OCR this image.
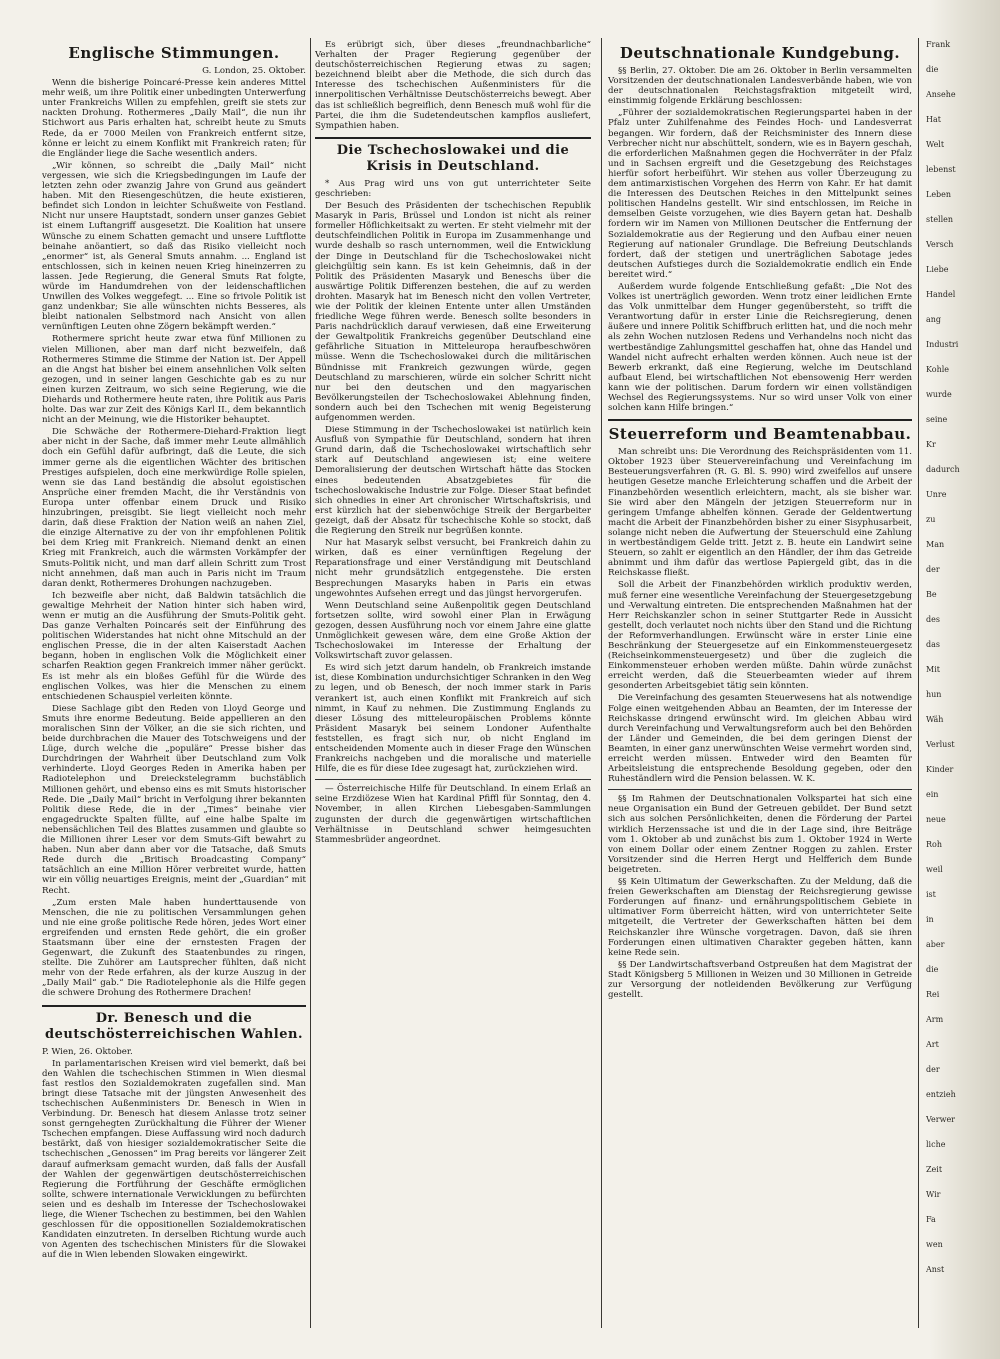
Englische Stimmungen.
G. London, 25. Oktober.

Wenn die bisherige Poincaré-Presse kein anderes Mittel mehr weiß, um ihre Politik einer unbedingten Unterwerfung unter Frankreichs Willen zu empfehlen, greift sie stets zur nackten Drohung. Rothermeres „Daily Mail“, die nun ihr Stichwort aus Paris erhalten hat, schreibt heute zu Smuts Rede, da er 7000 Meilen von Frankreich entfernt sitze, könne er leicht zu einem Konflikt mit Frankreich raten; für die Engländer liege die Sache wesentlich anders.

„Wir können, so schreibt die „Daily Mail“ nicht vergessen, wie sich die Kriegsbedingungen im Laufe der letzten zehn oder zwanzig Jahre von Grund aus geändert haben. Mit den Riesengeschützen, die heute existieren, befindet sich London in leichter Schußweite von Festland. Nicht nur unsere Hauptstadt, sondern unser ganzes Gebiet ist einem Luftangriff ausgesetzt. Die Koalition hat unsere Wünsche zu einem Schatten gemacht und unsere Luftflotte beinahe anöantiert, so daß das Risiko vielleicht noch „enormer“ ist, als General Smuts annahm. ... England ist entschlossen, sich in keinen neuen Krieg hineinzerren zu lassen. Jede Regierung, die General Smuts Rat folgte, würde im Handumdrehen von der leidenschaftlichen Unwillen des Volkes weggefegt. ... Eine so frivole Politik ist ganz undenkbar; Sie alle wünschten nichts Besseres, als bleibt nationalen Selbstmord nach Ansicht von allen vernünftigen Leuten ohne Zögern bekämpft werden.“

Rothermere spricht heute zwar etwa fünf Millionen zu vielen Millionen, aber man darf nicht bezweifeln, daß Rothermeres Stimme die Stimme der Nation ist. Der Appell an die Angst hat bisher bei einem ansehnlichen Volk selten gezogen, und in seiner langen Geschichte gab es zu nur einen kurzen Zeitraum, wo sich seine Regierung, wie die Diehards und Rothermere heute raten, ihre Politik aus Paris holte. Das war zur Zeit des Königs Karl II., dem bekanntlich nicht an der Meinung, wie die Historiker behauptet.

Die Schwäche der Rothermere-Diehard-Fraktion liegt aber nicht in der Sache, daß immer mehr Leute allmählich doch ein Gefühl dafür aufbringt, daß die Leute, die sich immer gerne als die eigentlichen Wächter des britischen Prestiges aufspielen, doch eine merkwürdige Rolle spielen, wenn sie das Land beständig die absolut egoistischen Ansprüche einer fremden Macht, die ihr Verständnis von Europa unter offenbar einem Druck und Risiko hinzubringen, preisgibt. Sie liegt vielleicht noch mehr darin, daß diese Fraktion der Nation weiß an nahen Ziel, die einzige Alternative zu der von ihr empfohlenen Politik bei dem Krieg mit Frankreich. Niemand denkt an einen Krieg mit Frankreich, auch die wärmsten Vorkämpfer der Smuts-Politik nicht, und man darf allein Schritt zum Trost nicht annehmen, daß man auch in Paris nicht im Traum daran denkt, Rothermeres Drohungen nachzugeben.

Ich bezweifle aber nicht, daß Baldwin tatsächlich die gewaltige Mehrheit der Nation hinter sich haben wird, wenn er mutig an die Ausführung der Smuts-Politik geht. Das ganze Verhalten Poincarés seit der Einführung des politischen Widerstandes hat nicht ohne Mitschuld an der englischen Presse, die in der alten Kaiserstadt Aachen begann, hoben in englischen Volk die Möglichkeit einer scharfen Reaktion gegen Frankreich immer näher gerückt. Es ist mehr als ein bloßes Gefühl für die Würde des englischen Volkes, was hier die Menschen zu einem entschiedenen Schauspiel verleiten könnte.

Diese Sachlage gibt den Reden von Lloyd George und Smuts ihre enorme Bedeutung. Beide appellieren an den moralischen Sinn der Völker, an die sie sich richten, und beide durchbrachen die Mauer des Totschweigens und der Lüge, durch welche die „populäre“ Presse bisher das Durchdringen der Wahrheit über Deutschland zum Volk verhinderte. Lloyd Georges Reden in Amerika haben per Radiotelephon und Dreieckstelegramm buchstäblich Millionen gehört, und ebenso eins es mit Smuts historischer Rede. Die „Daily Mail“ bricht in Verfolgung ihrer bekannten Politik diese Rede, die in der „Times“ beinahe vier engagedruckte Spalten füllte, auf eine halbe Spalte im nebensächlichen Teil des Blattes zusammen und glaubte so die Millionen ihrer Leser vor dem Smuts-Gift bewahrt zu haben. Nun aber dann aber vor die Tatsache, daß Smuts Rede durch die „Britisch Broadcasting Company“ tatsächlich an eine Million Hörer verbreitet wurde, hatten wir ein völlig neuartiges Ereignis, meint der „Guardian“ mit Recht.

„Zum ersten Male haben hunderttausende von Menschen, die nie zu politischen Versammlungen gehen und nie eine große politische Rede hören, jedes Wort einer ergreifenden und ernsten Rede gehört, die ein großer Staatsmann über eine der ernstesten Fragen der Gegenwart, die Zukunft des Staatenbundes zu ringen, stellte. Die Zuhörer am Lautsprecher fühlten, daß nicht mehr von der Rede erfahren, als der kurze Auszug in der „Daily Mail“ gab.“ Die Radiotelephonie als die Hilfe gegen die schwere Drohung des Rothermere Drachen!

Dr. Benesch und die deutschösterreichischen Wahlen.
P. Wien, 26. Oktober.

In parlamentarischen Kreisen wird viel bemerkt, daß bei den Wahlen die tschechischen Stimmen in Wien diesmal fast restlos den Sozialdemokraten zugefallen sind. Man bringt diese Tatsache mit der jüngsten Anwesenheit des tschechischen Außenministers Dr. Benesch in Wien in Verbindung. Dr. Benesch hat diesem Anlasse trotz seiner sonst gerngehegten Zurückhaltung die Führer der Wiener Tschechen empfangen. Diese Auffassung wird noch dadurch bestärkt, daß von hiesiger sozialdemokratischer Seite die tschechischen „Genossen“ im Prag bereits vor längerer Zeit darauf aufmerksam gemacht wurden, daß falls der Ausfall der Wahlen der gegenwärtigen deutschösterreichischen Regierung die Fortführung der Geschäfte ermöglichen sollte, schwere internationale Verwicklungen zu befürchten seien und es deshalb im Interesse der Tschechoslowakei liege, die Wiener Tschechen zu bestimmen, bei den Wahlen geschlossen für die oppositionellen Sozialdemokratischen Kandidaten einzutreten. In derselben Richtung wurde auch von Agenten des tschechischen Ministers für die Slowakei auf die in Wien lebenden Slowaken eingewirkt.

Es erübrigt sich, über dieses „freundnachbarliche“ Verhalten der Prager Regierung gegenüber der deutschösterreichischen Regierung etwas zu sagen; bezeichnend bleibt aber die Methode, die sich durch das Interesse des tschechischen Außenministers für die innerpolitischen Verhältnisse Deutschösterreichs bewegt. Aber das ist schließlich begreiflich, denn Benesch muß wohl für die Partei, die ihm die Sudetendeutschen kampflos ausliefert, Sympathien haben.

Die Tschechoslowakei und die Krisis in Deutschland.

* Aus Prag wird uns von gut unterrichteter Seite geschrieben:

Der Besuch des Präsidenten der tschechischen Republik Masaryk in Paris, Brüssel und London ist nicht als reiner formeller Höflichkeitsakt zu werten. Er steht vielmehr mit der deutschfeindlichen Politik in Europa im Zusammenhange und wurde deshalb so rasch unternommen, weil die Entwicklung der Dinge in Deutschland für die Tschechoslowakei nicht gleichgültig sein kann. Es ist kein Geheimnis, daß in der Politik des Präsidenten Masaryk und Beneschs über die auswärtige Politik Differenzen bestehen, die auf zu werden drohten. Masaryk hat im Benesch nicht den vollen Vertreter, wie der Politik der kleinen Entente unter allen Umständen friedliche Wege führen werde. Benesch sollte besonders in Paris nachdrücklich darauf verwiesen, daß eine Erweiterung der Gewaltpolitik Frankreichs gegenüber Deutschland eine gefährliche Situation in Mitteleuropa heraufbeschwören müsse. Wenn die Tschechoslowakei durch die militärischen Bündnisse mit Frankreich gezwungen würde, gegen Deutschland zu marschieren, würde ein solcher Schritt nicht nur bei den deutschen und den magyarischen Bevölkerungsteilen der Tschechoslowakei Ablehnung finden, sondern auch bei den Tschechen mit wenig Begeisterung aufgenommen werden.

Diese Stimmung in der Tschechoslowakei ist natürlich kein Ausfluß von Sympathie für Deutschland, sondern hat ihren Grund darin, daß die Tschechoslowakei wirtschaftlich sehr stark auf Deutschland angewiesen ist; eine weitere Demoralisierung der deutschen Wirtschaft hätte das Stocken eines bedeutenden Absatzgebietes für die tschechoslowakische Industrie zur Folge. Dieser Staat befindet sich ohnedies in einer Art chronischer Wirtschaftskrisis, und erst kürzlich hat der siebenwöchige Streik der Bergarbeiter gezeigt, daß der Absatz für tschechische Kohle so stockt, daß die Regierung den Streik nur begrüßen konnte.

Nur hat Masaryk selbst versucht, bei Frankreich dahin zu wirken, daß es einer vernünftigen Regelung der Reparationsfrage und einer Verständigung mit Deutschland nicht mehr grundsätzlich entgegenstehe. Die ersten Besprechungen Masaryks haben in Paris ein etwas ungewohntes Aufsehen erregt und das jüngst hervorgerufen.

Wenn Deutschland seine Außenpolitik gegen Deutschland fortsetzen sollte, wird sowohl einer Plan in Erwägung gezogen, dessen Ausführung noch vor einem Jahre eine glatte Unmöglichkeit gewesen wäre, dem eine Große Aktion der Tschechoslowakei im Interesse der Erhaltung der Volkswirtschaft zuvor gelassen.

Es wird sich jetzt darum handeln, ob Frankreich imstande ist, diese Kombination undurchsichtiger Schranken in den Weg zu legen, und ob Benesch, der noch immer stark in Paris verankert ist, auch einen Konflikt mit Frankreich auf sich nimmt, in Kauf zu nehmen. Die Zustimmung Englands zu dieser Lösung des mitteleuropäischen Problems könnte Präsident Masaryk bei seinem Londoner Aufenthalte feststellen, es fragt sich nur, ob nicht England im entscheidenden Momente auch in dieser Frage den Wünschen Frankreichs nachgeben und die moralische und materielle Hilfe, die es für diese Idee zugesagt hat, zurückziehen wird.

— Österreichische Hilfe für Deutschland. In einem Erlaß an seine Erzdiözese Wien hat Kardinal Pfiffl für Sonntag, den 4. November, in allen Kirchen Liebesgaben-Sammlungen zugunsten der durch die gegenwärtigen wirtschaftlichen Verhältnisse in Deutschland schwer heimgesuchten Stammesbrüder angeordnet.

Deutschnationale Kundgebung.

§§ Berlin, 27. Oktober. Die am 26. Oktober in Berlin versammelten Vorsitzenden der deutschnationalen Landesverbände haben, wie von der deutschnationalen Reichstagsfraktion mitgeteilt wird, einstimmig folgende Erklärung beschlossen:

„Führer der sozialdemokratischen Regierungspartei haben in der Pfalz unter Zuhilfenahme des Feindes Hoch- und Landesverrat begangen. Wir fordern, daß der Reichsminister des Innern diese Verbrecher nicht nur abschüttelt, sondern, wie es in Bayern geschah, die erforderlichen Maßnahmen gegen die Hochverräter in der Pfalz und in Sachsen ergreift und die Gesetzgebung des Reichstages hierfür sofort herbeiführt. Wir stehen aus voller Überzeugung zu dem antimarxistischen Vorgehen des Herrn von Kahr. Er hat damit die Interessen des Deutschen Reiches in den Mittelpunkt seines politischen Handelns gestellt. Wir sind entschlossen, im Reiche in demselben Geiste vorzugehen, wie dies Bayern getan hat. Deshalb fordern wir im Namen von Millionen Deutscher die Entfernung der Sozialdemokratie aus der Regierung und den Aufbau einer neuen Regierung auf nationaler Grundlage. Die Befreiung Deutschlands fordert, daß der stetigen und unerträglichen Sabotage jedes deutschen Aufstieges durch die Sozialdemokratie endlich ein Ende bereitet wird.“

Außerdem wurde folgende Entschließung gefaßt: „Die Not des Volkes ist unerträglich geworden. Wenn trotz einer leidlichen Ernte das Volk unmittelbar dem Hunger gegenübersteht, so trifft die Verantwortung dafür in erster Linie die Reichsregierung, denen äußere und innere Politik Schiffbruch erlitten hat, und die noch mehr als zehn Wochen nutzlosen Redens und Verhandelns noch nicht das wertbeständige Zahlungsmittel geschaffen hat, ohne das Handel und Wandel nicht aufrecht erhalten werden können. Auch neue ist der Bewerb erkrankt, daß eine Regierung, welche im Deutschland aufbaut Elend, bei wirtschaftlichen Not ebensowenig Herr werden kann wie der politischen. Darum fordern wir einen vollständigen Wechsel des Regierungssystems. Nur so wird unser Volk von einer solchen kann Hilfe bringen.“

Steuerreform und Beamtenabbau.

Man schreibt uns: Die Verordnung des Reichspräsidenten vom 11. Oktober 1923 über Steuervereinfachung und Vereinfachung im Besteuerungsverfahren (R. G. Bl. S. 990) wird zweifellos auf unsere heutigen Gesetze manche Erleichterung schaffen und die Arbeit der Finanzbehörden wesentlich erleichtern, macht, als sie bisher war. Sie wird aber den Mängeln der jetzigen Steuerreform nur in geringem Umfange abhelfen können. Gerade der Geldentwertung macht die Arbeit der Finanzbehörden bisher zu einer Sisyphusarbeit, solange nicht neben die Aufwertung der Steuerschuld eine Zahlung in wertbeständigem Gelde tritt. Jetzt z. B. heute ein Landwirt seine Steuern, so zahlt er eigentlich an den Händler, der ihm das Getreide abnimmt und ihm dafür das wertlose Papiergeld gibt, das in die Reichskasse fließt.

Soll die Arbeit der Finanzbehörden wirklich produktiv werden, muß ferner eine wesentliche Vereinfachung der Steuergesetzgebung und -Verwaltung eintreten. Die entsprechenden Maßnahmen hat der Herr Reichskanzler schon in seiner Stuttgarter Rede in Aussicht gestellt, doch verlautet noch nichts über den Stand und die Richtung der Reformverhandlungen. Erwünscht wäre in erster Linie eine Beschränkung der Steuergesetze auf ein Einkommensteuergesetz (Reichseinkommensteuergesetz) und über die zugleich die Einkommensteuer erhoben werden müßte. Dahin würde zunächst erreicht werden, daß die Steuerbeamten wieder auf ihrem gesonderten Arbeitsgebiet tätig sein könnten.

Die Vereinfachung des gesamten Steuerwesens hat als notwendige Folge einen weitgehenden Abbau an Beamten, der im Interesse der Reichskasse dringend erwünscht wird. Im gleichen Abbau wird durch Vereinfachung und Verwaltungsreform auch bei den Behörden der Länder und Gemeinden, die bei dem geringen Dienst der Beamten, in einer ganz unerwünschten Weise vermehrt worden sind, erreicht werden müssen. Entweder wird den Beamten für Arbeitsleistung die entsprechende Besoldung gegeben, oder den Ruheständlern wird die Pension belassen. W. K.

§§ Im Rahmen der Deutschnationalen Volkspartei hat sich eine neue Organisation ein Bund der Getreuen gebildet. Der Bund setzt sich aus solchen Persönlichkeiten, denen die Förderung der Partei wirklich Herzenssache ist und die in der Lage sind, ihre Beiträge vom 1. Oktober ab und zunächst bis zum 1. Oktober 1924 in Werte von einem Dollar oder einem Zentner Roggen zu zahlen. Erster Vorsitzender sind die Herren Hergt und Helfferich dem Bunde beigetreten.

§§ Kein Ultimatum der Gewerkschaften. Zu der Meldung, daß die freien Gewerkschaften am Dienstag der Reichsregierung gewisse Forderungen auf finanz- und ernährungspolitischem Gebiete in ultimativer Form überreicht hätten, wird von unterrichteter Seite mitgeteilt, die Vertreter der Gewerkschaften hätten bei dem Reichskanzler ihre Wünsche vorgetragen. Davon, daß sie ihren Forderungen einen ultimativen Charakter gegeben hätten, kann keine Rede sein.

§§ Der Landwirtschaftsverband Ostpreußen hat dem Magistrat der Stadt Königsberg 5 Millionen in Weizen und 30 Millionen in Getreide zur Versorgung der notleidenden Bevölkerung zur Verfügung gestellt.

Frank

die

Ansehe

Hat

Welt

lebenst

Leben

stellen

Versch

Liebe

Handel

ang

Industri

Kohle

wurde

seine

Kr

dadurch

Unre

zu

Man

der

Be

des

das

Mit

hun

Wäh

Verlust

Kinder

ein

neue

Roh

weil

ist

in

aber

die

Rei

Arm

Art

der

entzieh

Verwer

liche

Zeit

Wir

Fa

wen

Anst
